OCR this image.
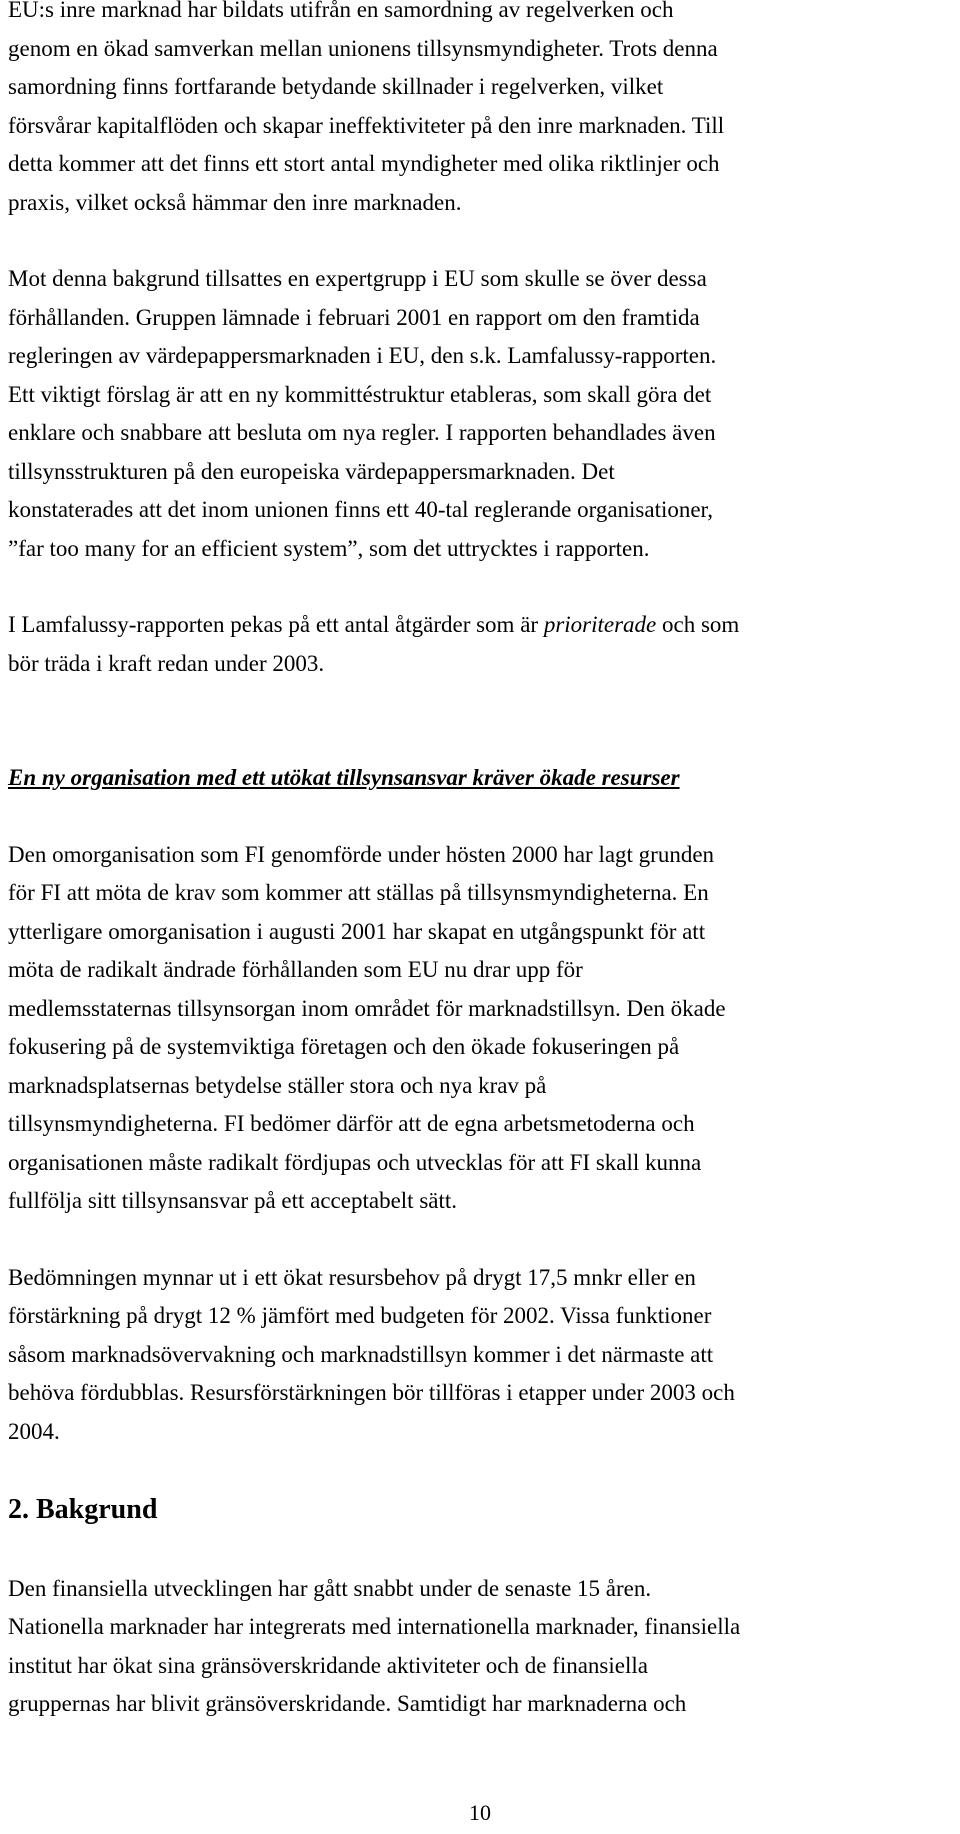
EU:s inre marknad har bildats utifrån en samordning av regelverken och

genom en ökad samverkan mellan unionens tillsynsmyndigheter. Trots denna

samordning finns fortfarande betydande skillnader i regelverken, vilket

försvårar kapitalflöden och skapar ineffektiviteter på den inre marknaden. Till

detta kommer att det finns ett stort antal myndigheter med olika riktlinjer och

praxis, vilket också hämmar den inre marknaden.

Mot denna bakgrund tillsattes en expertgrupp i EU som skulle se över dessa

förhållanden. Gruppen lämnade i februari 2001 en rapport om den framtida

regleringen av värdepappersmarknaden i EU, den s.k. Lamfalussy-rapporten.

Ett viktigt förslag är att en ny kommittéstruktur etableras, som skall göra det

enklare och snabbare att besluta om nya regler. I rapporten behandlades även

tillsynsstrukturen på den europeiska värdepappersmarknaden. Det

konstaterades att det inom unionen finns ett 40-tal reglerande organisationer,

”far too many for an efficient system”, som det uttrycktes i rapporten.

I Lamfalussy-rapporten pekas på ett antal åtgärder som är prioriterade och som

bör träda i kraft redan under 2003.

En ny organisation med ett utökat tillsynsansvar kräver ökade resurser

Den omorganisation som FI genomförde under hösten 2000 har lagt grunden

för FI att möta de krav som kommer att ställas på tillsynsmyndigheterna. En

ytterligare omorganisation i augusti 2001 har skapat en utgångspunkt för att

möta de radikalt ändrade förhållanden som EU nu drar upp för

medlemsstaternas tillsynsorgan inom området för marknadstillsyn. Den ökade

fokusering på de systemviktiga företagen och den ökade fokuseringen på

marknadsplatsernas betydelse ställer stora och nya krav på

tillsynsmyndigheterna. FI bedömer därför att de egna arbetsmetoderna och

organisationen måste radikalt fördjupas och utvecklas för att FI skall kunna

fullfölja sitt tillsynsansvar på ett acceptabelt sätt.

Bedömningen mynnar ut i ett ökat resursbehov på drygt 17,5 mnkr eller en

förstärkning på drygt 12 % jämfört med budgeten för 2002. Vissa funktioner

såsom marknadsövervakning och marknadstillsyn kommer i det närmaste att

behöva fördubblas. Resursförstärkningen bör tillföras i etapper under 2003 och

2004.

2. Bakgrund

Den finansiella utvecklingen har gått snabbt under de senaste 15 åren.

Nationella marknader har integrerats med internationella marknader, finansiella

institut har ökat sina gränsöverskridande aktiviteter och de finansiella

gruppernas har blivit gränsöverskridande. Samtidigt har marknaderna och

10
